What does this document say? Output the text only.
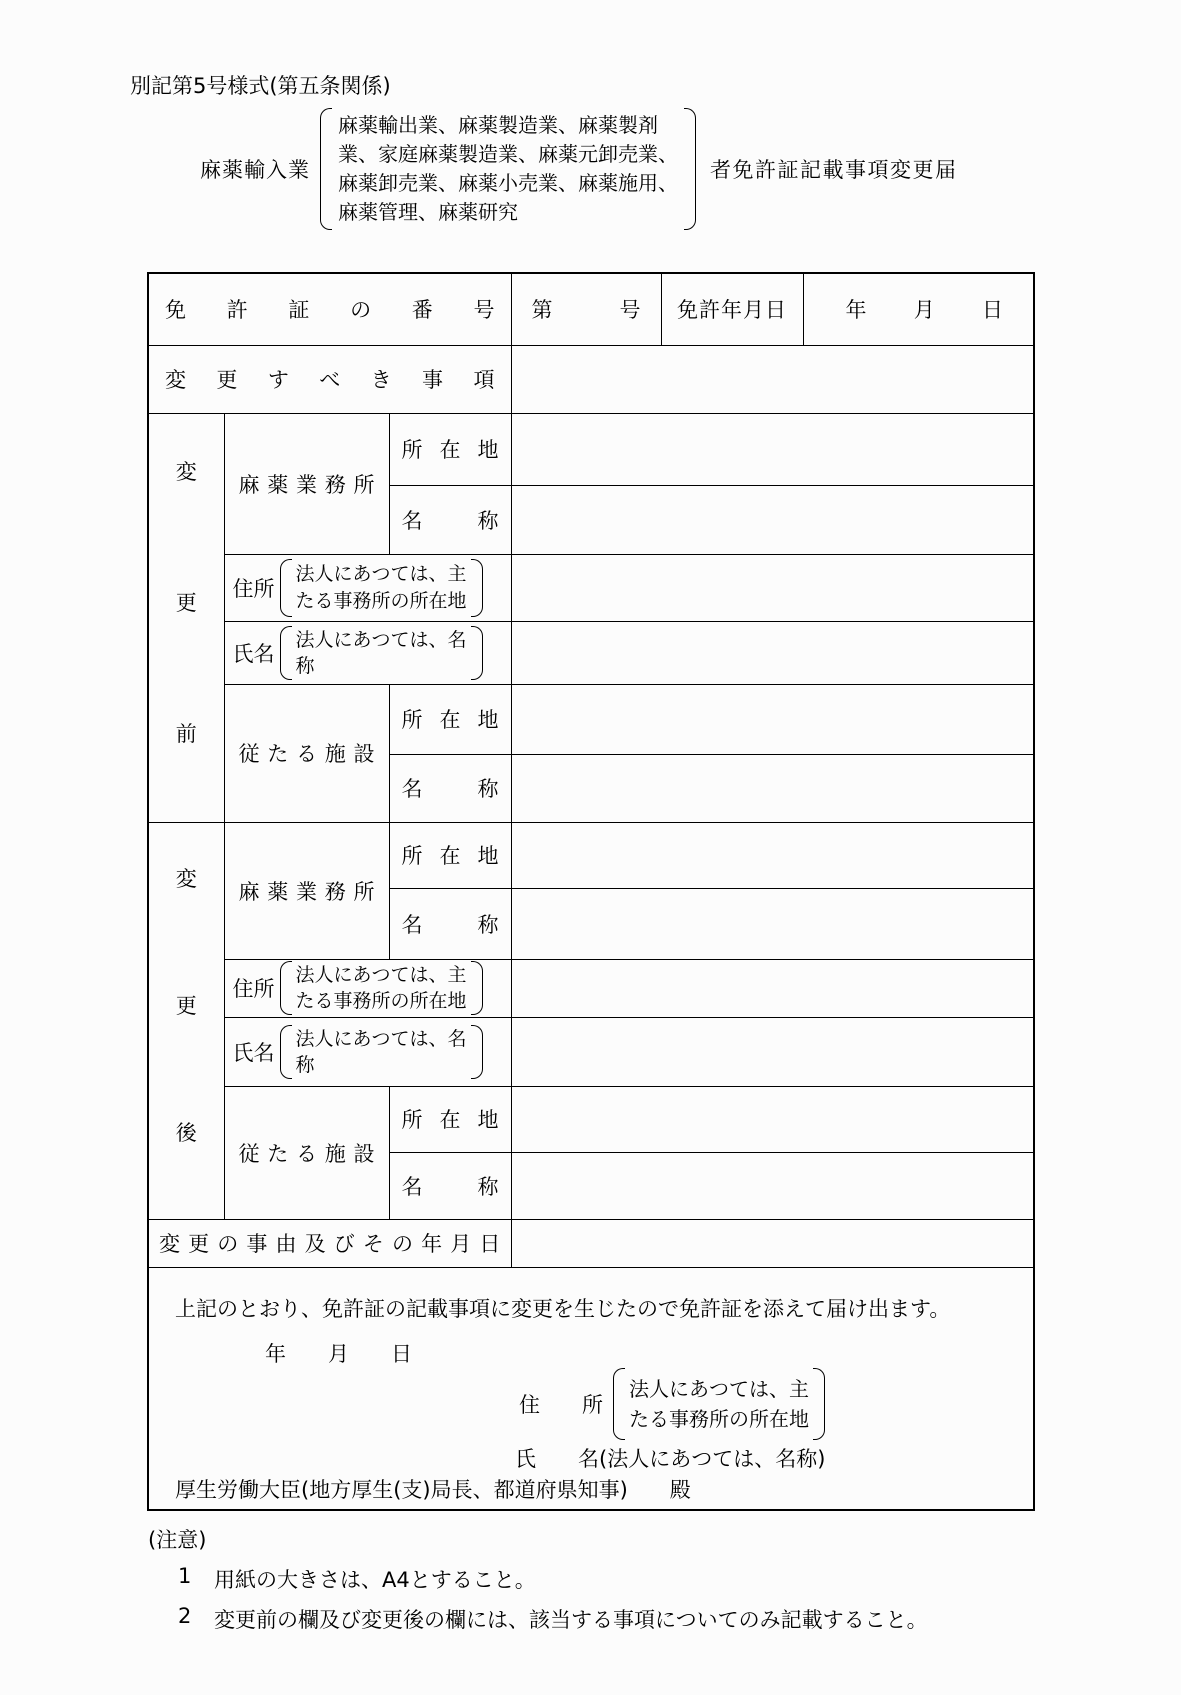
別記第5号様式(第五条関係)
麻薬輸入業
麻薬輸出業、麻薬製造業、麻薬製剤
業、家庭麻薬製造業、麻薬元卸売業、
麻薬卸売業、麻薬小売業、麻薬施用、
麻薬管理、麻薬研究
者免許証記載事項変更届
免 許 証 の 番 号	第	号	免許年月日	年 月 日

変 更 す べ き 事 項

変
更
前	麻 薬 業 務 所	所 在 地			

		名 称			

	住所
法人にあつては、主
たる事務所の所在地				

	氏名
法人にあつては、名
称				

	従 た る 施 設	所 在 地			

		名 称			

変
更
後	麻 薬 業 務 所	所 在 地			

		名 称			

	住所
法人にあつては、主
たる事務所の所在地				

	氏名
法人にあつては、名
称				

	従 た る 施 設	所 在 地			

		名 称			

変 更 の 事 由 及 び そ の 年 月 日

上記のとおり、免許証の記載事項に変更を生じたので免許証を添えて届け出ます。
年　　月　　日
住　　所
法人にあつては、主
たる事務所の所在地
氏　　名(法人にあつては、名称)
厚生労働大臣(地方厚生(支)局長、都道府県知事) 殿
(注意)
1	用紙の大きさは、A4とすること。
2	変更前の欄及び変更後の欄には、該当する事項についてのみ記載すること。
